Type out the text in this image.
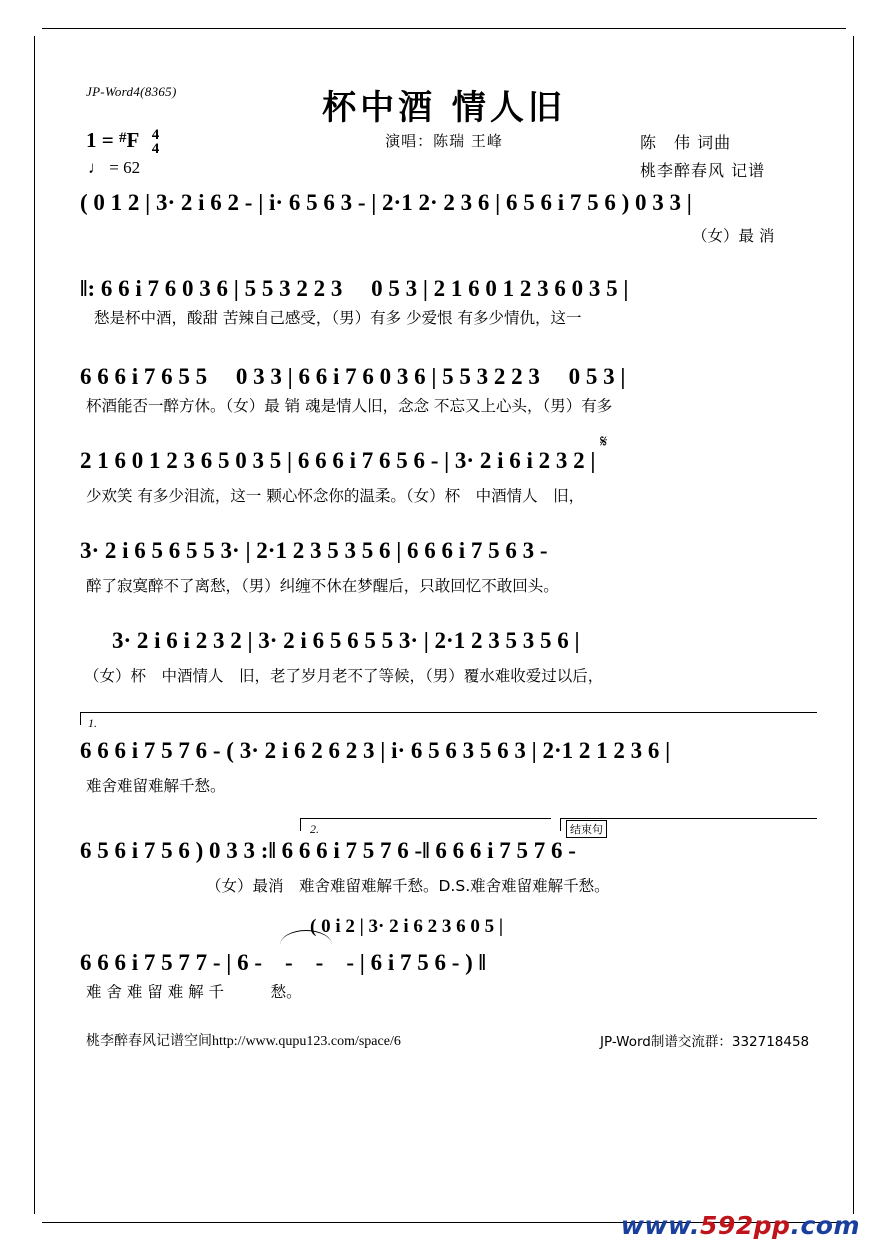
JP-Word4(8365)	杯中酒 情人旧
演唱：陈瑞 王峰	陈　伟 词曲
桃李醉春风 记谱
1 = #F 4
4
♩ = 62
( 0 1 2 | 3· 2 i 6 2 - | i· 6 5 6 3 - | 2·1 2· 2 3 6 | 6 5 6 i 7 5 6 ) 0 3 3 |
（女）最 消
‖: 6 6 i 7 6 0 3 6 | 5 5 3 2 2 3　 0 5 3 | 2 1 6 0 1 2 3 6 0 3 5 |
愁是杯中酒，酸甜 苦辣自己感受，（男）有多 少爱恨 有多少情仇，这一
6 6 6 i 7 6 5 5　 0 3 3 | 6 6 i 7 6 0 3 6 | 5 5 3 2 2 3　 0 5 3 |
杯酒能否一醉方休。（女）最 销 魂是情人旧，念念 不忘又上心头，（男）有多
2 1 6 0 1 2 3 6 5 0 3 5 | 6 6 6 i 7 6 5 6 - | 3· 2 i 6 i 2 3 2 |
少欢笑 有多少泪流，这一 颗心怀念你的温柔。（女）杯　中酒情人　旧，
𝄋
3· 2 i 6 5 6 5 5 3· | 2·1 2 3 5 3 5 6 | 6 6 6 i 7 5 6 3 -
醉了寂寞醉不了离愁，（男）纠缠不休在梦醒后，只敢回忆不敢回头。
3· 2 i 6 i 2 3 2 | 3· 2 i 6 5 6 5 5 3· | 2·1 2 3 5 3 5 6 |
（女）杯　中酒情人　旧，老了岁月老不了等候，（男）覆水难收爱过以后，
1.
6 6 6 i 7 5 7 6 - ( 3· 2 i 6 2 6 2 3 | i· 6 5 6 3 5 6 3 | 2·1 2 1 2 3 6 |
难舍难留难解千愁。
2.	结束句
6 5 6 i 7 5 6 ) 0 3 3 :‖ 6 6 6 i 7 5 7 6 -‖ 6 6 6 i 7 5 7 6 -
（女）最消　难舍难留难解千愁。D.S.难舍难留难解千愁。
( 0 i 2 | 3· 2 i 6 2 3 6 0 5 |
6 6 6 i 7 5 7 7 - | 6 -　-　-　- | 6 i 7 5 6 - ) ‖
难 舍 难 留 难 解 千　　　愁。
桃李醉春风记谱空间http://www.qupu123.com/space/6	JP-Word制谱交流群：332718458
www.592pp.com
